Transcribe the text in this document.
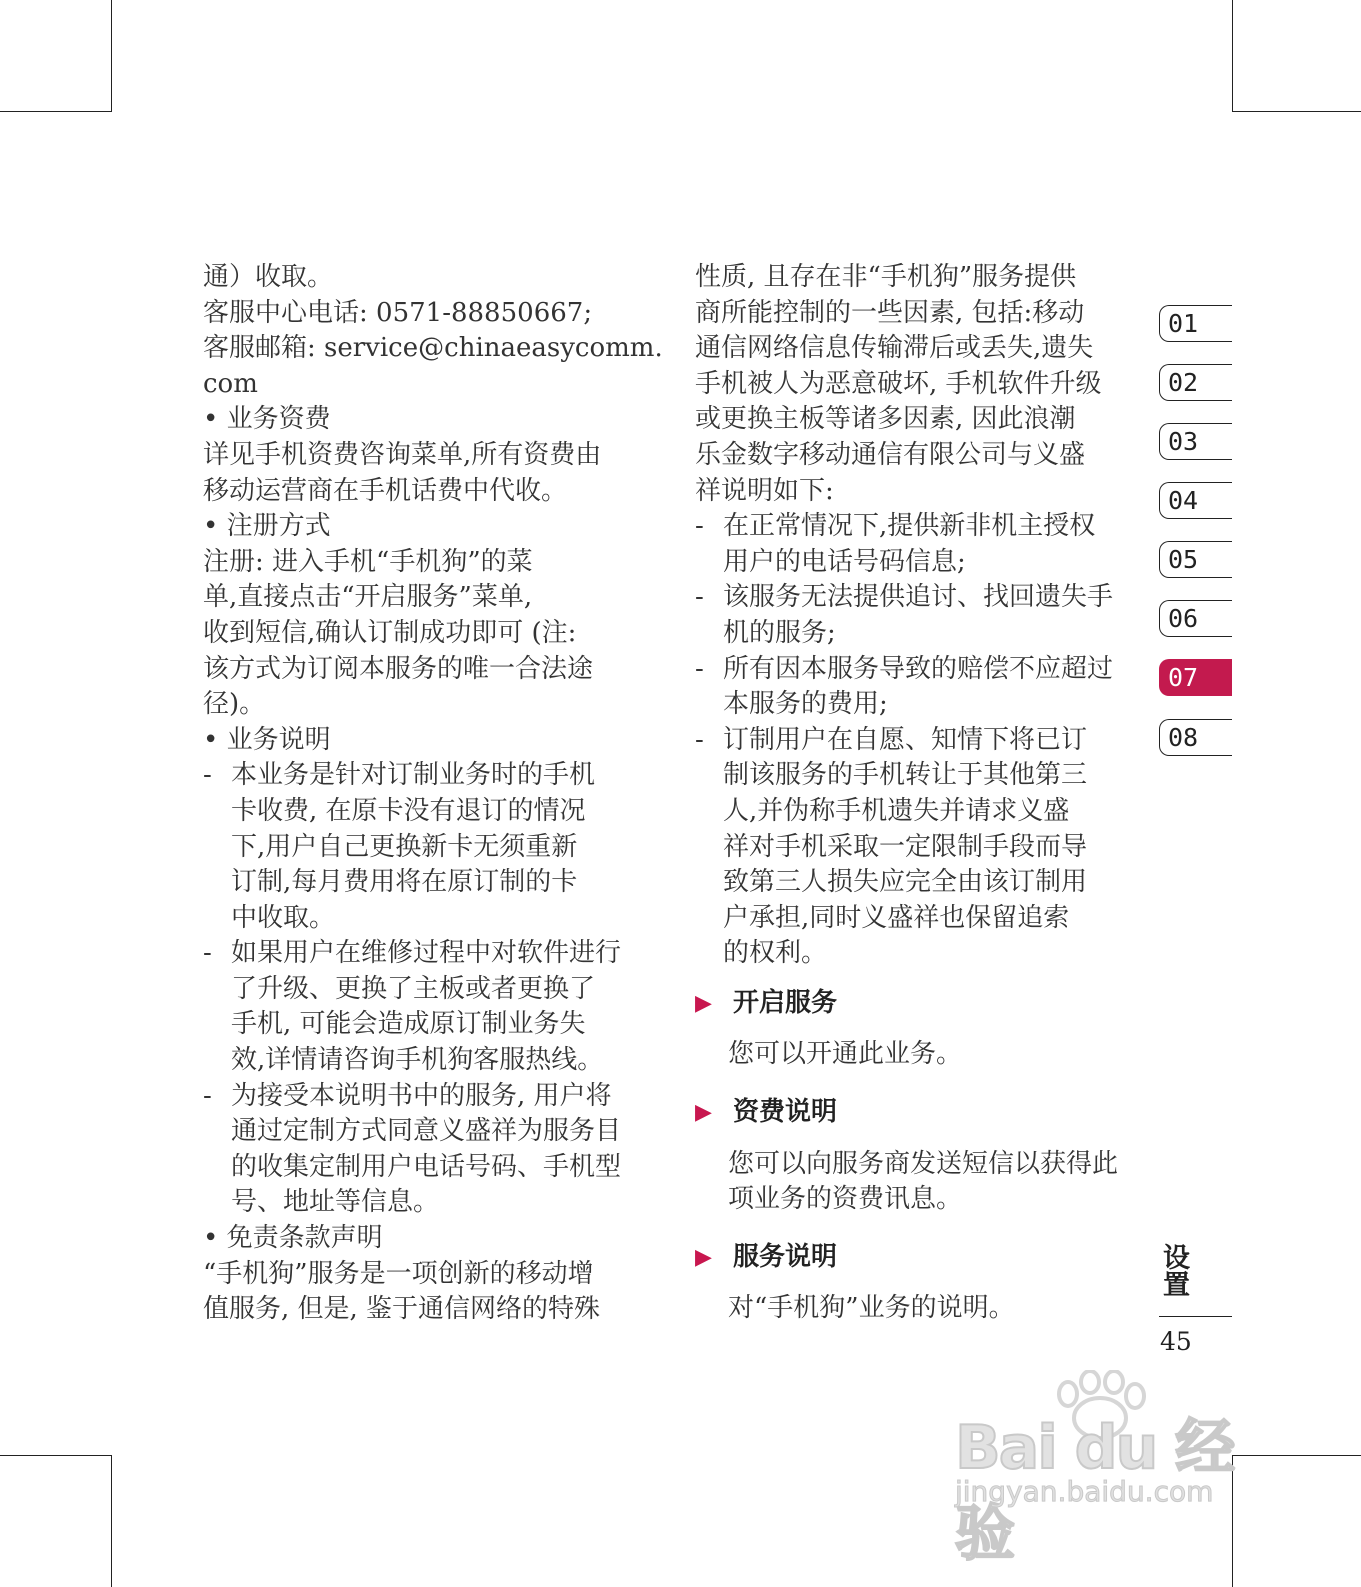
通）收取。
客服中心电话: 0571-88850667;
客服邮箱: service@chinaeasycomm.
com
• 业务资费
详见手机资费咨询菜单,所有资费由
移动运营商在手机话费中代收。
• 注册方式
注册: 进入手机“手机狗”的菜
单,直接点击“开启服务”菜单,
收到短信,确认订制成功即可 (注:
该方式为订阅本服务的唯一合法途
径)。
• 业务说明
- 本业务是针对订制业务时的手机
卡收费, 在原卡没有退订的情况
下,用户自己更换新卡无须重新
订制,每月费用将在原订制的卡
中收取。
- 如果用户在维修过程中对软件进行
了升级、更换了主板或者更换了
手机, 可能会造成原订制业务失
效,详情请咨询手机狗客服热线。
- 为接受本说明书中的服务, 用户将
通过定制方式同意义盛祥为服务目
的收集定制用户电话号码、手机型
号、地址等信息。
• 免责条款声明
“手机狗”服务是一项创新的移动增
值服务, 但是, 鉴于通信网络的特殊
性质, 且存在非“手机狗”服务提供
商所能控制的一些因素, 包括:移动
通信网络信息传输滞后或丢失,遗失
手机被人为恶意破坏, 手机软件升级
或更换主板等诸多因素, 因此浪潮
乐金数字移动通信有限公司与义盛
祥说明如下:
- 在正常情况下,提供新非机主授权
用户的电话号码信息;
- 该服务无法提供追讨、找回遗失手
机的服务;
- 所有因本服务导致的赔偿不应超过
本服务的费用;
- 订制用户在自愿、知情下将已订
制该服务的手机转让于其他第三
人,并伪称手机遗失并请求义盛
祥对手机采取一定限制手段而导
致第三人损失应完全由该订制用
户承担,同时义盛祥也保留追索
的权利。
▶ 开启服务
您可以开通此业务。
▶ 资费说明
您可以向服务商发送短信以获得此
项业务的资费讯息。
▶ 服务说明
对“手机狗”业务的说明。
01
02
03
04
05
06
07
08
设置
45
Bai du 经验
jingyan.baidu.com
